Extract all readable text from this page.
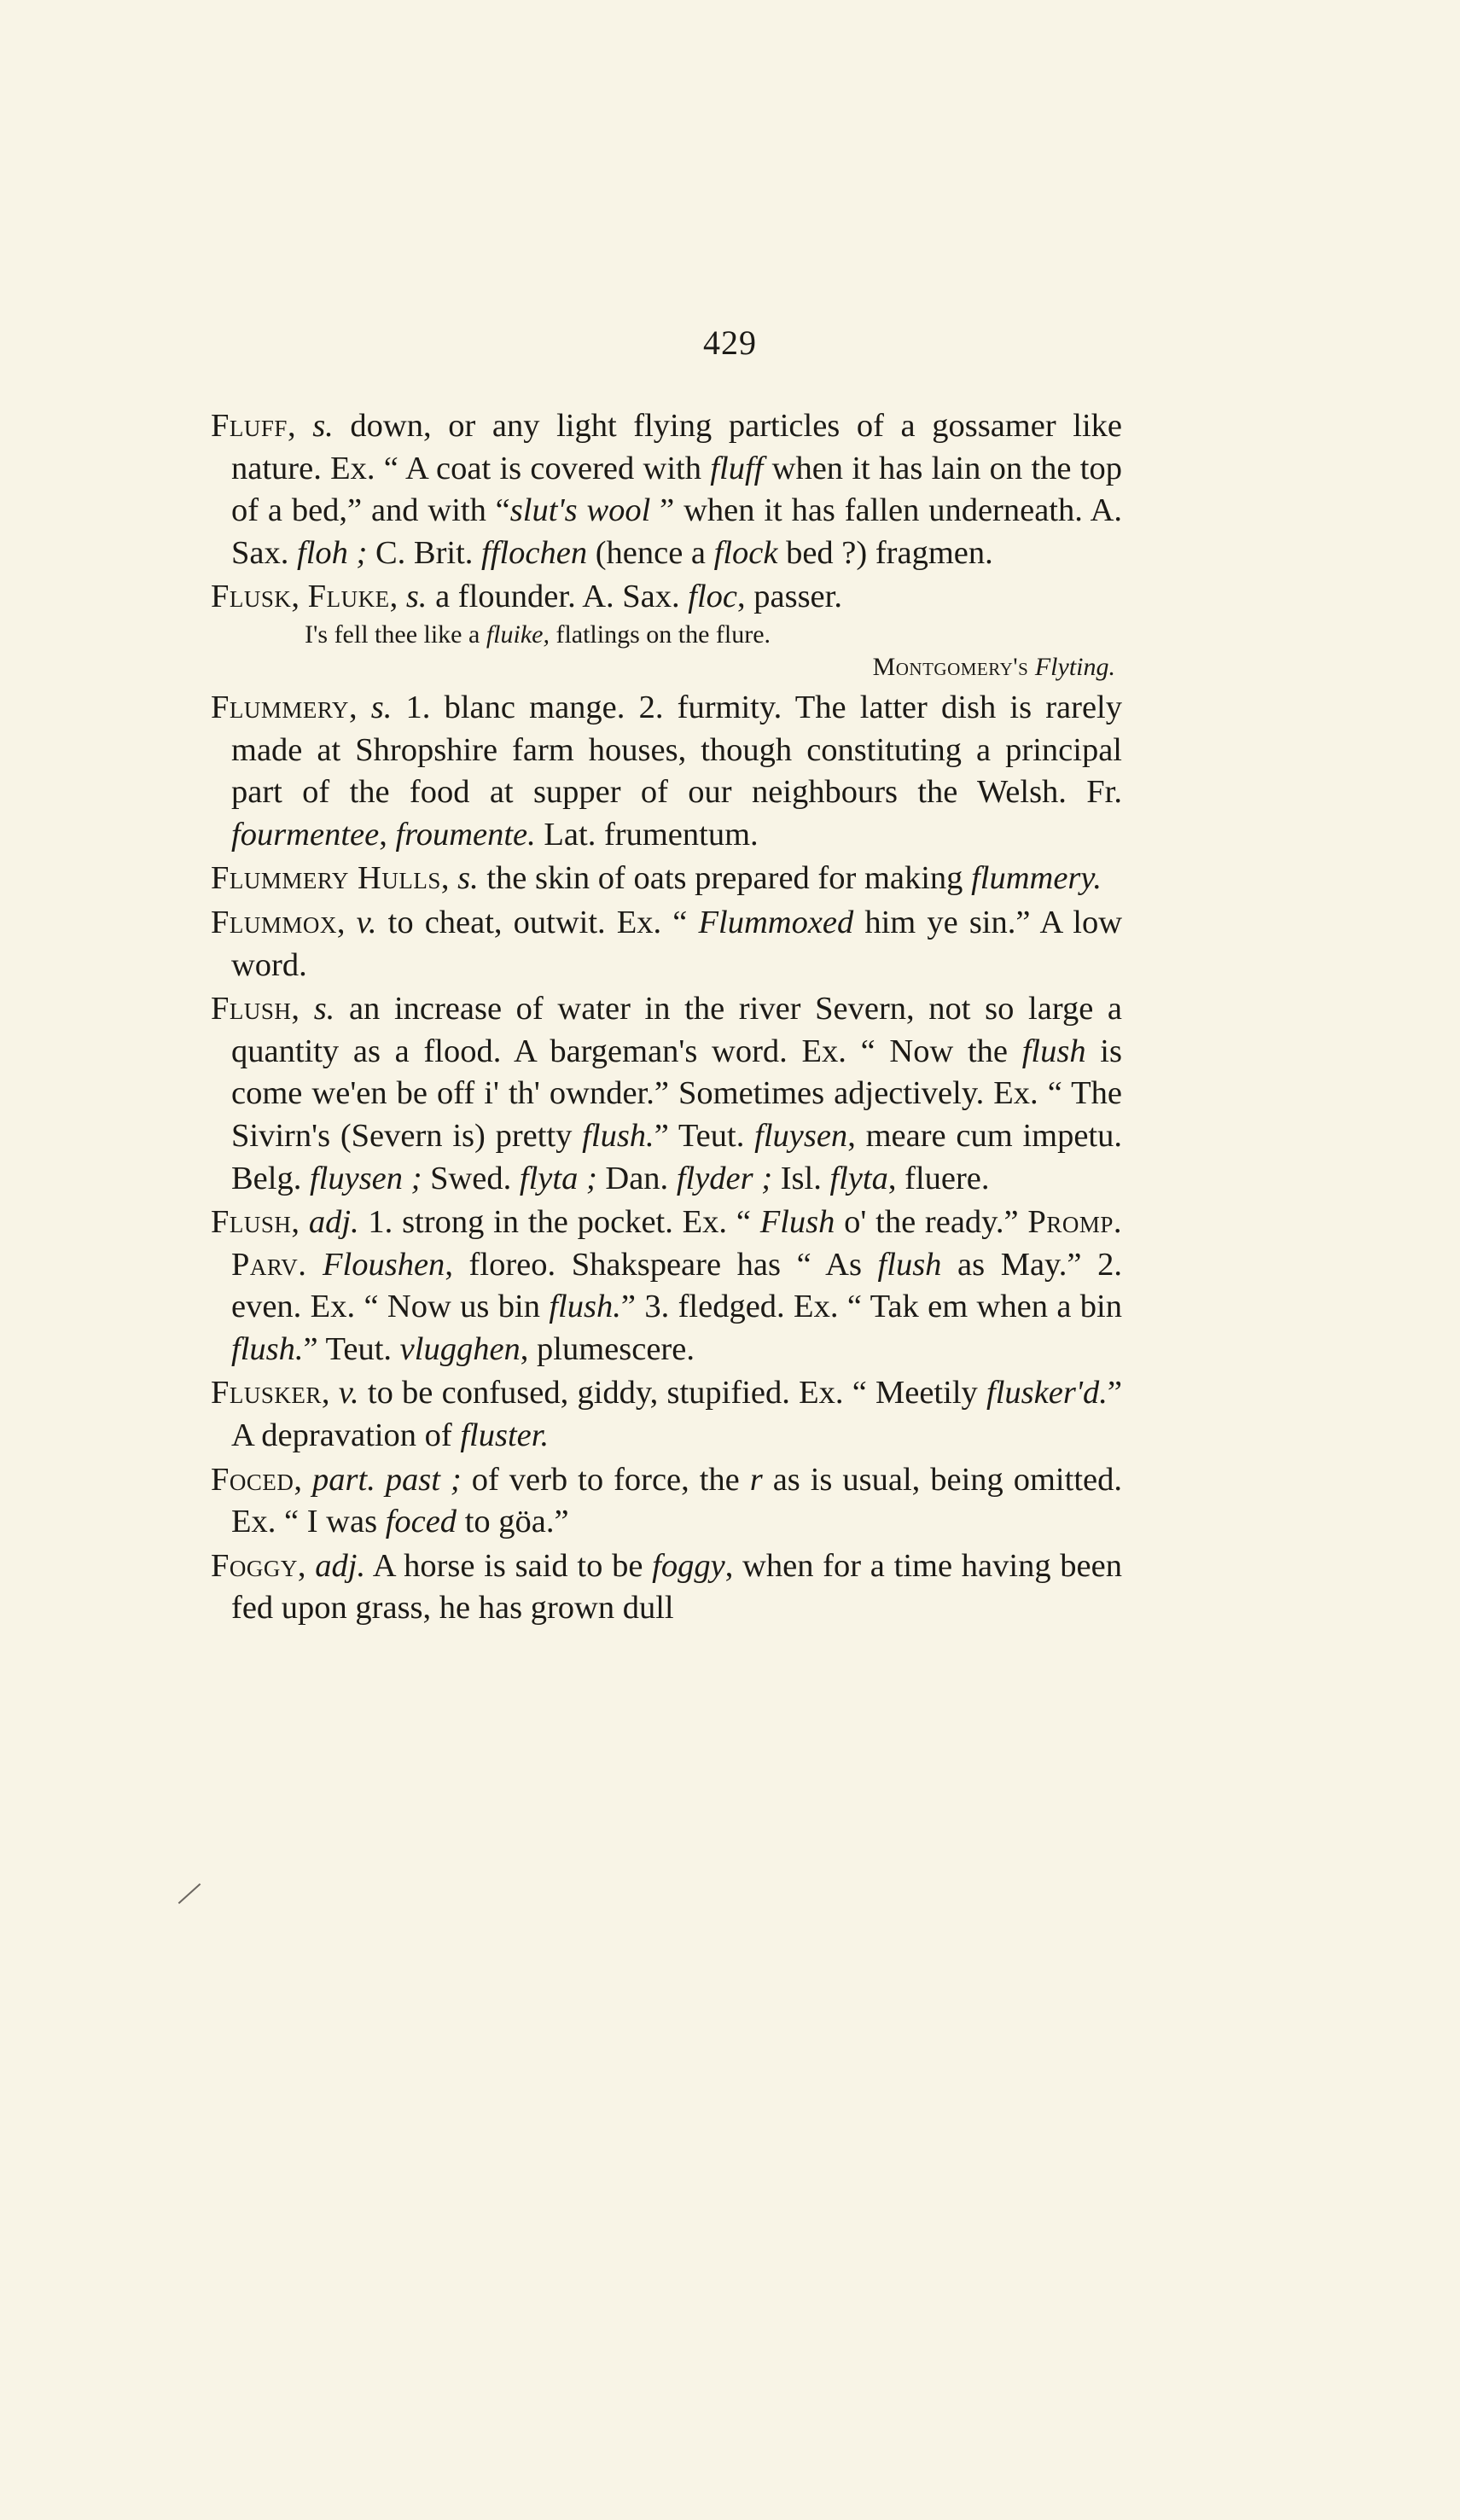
429

Fluff, s. down, or any light flying particles of a gossamer like nature. Ex. “ A coat is covered with fluff when it has lain on the top of a bed,” and with “slut's wool ” when it has fallen underneath. A. Sax. floh ; C. Brit. fflochen (hence a flock bed ?) fragmen.

Flusk, Fluke, s. a flounder. A. Sax. floc, passer.

I's fell thee like a fluike, flatlings on the flure.

Montgomery's Flyting.

Flummery, s. 1. blanc mange. 2. furmity. The latter dish is rarely made at Shropshire farm houses, though constituting a principal part of the food at supper of our neighbours the Welsh. Fr. fourmentee, froumente. Lat. frumentum.

Flummery Hulls, s. the skin of oats prepared for making flummery.

Flummox, v. to cheat, outwit. Ex. “ Flummoxed him ye sin.” A low word.

Flush, s. an increase of water in the river Severn, not so large a quantity as a flood. A bargeman's word. Ex. “ Now the flush is come we'en be off i' th' ownder.” Sometimes adjectively. Ex. “ The Sivirn's (Severn is) pretty flush.” Teut. fluysen, meare cum impetu. Belg. fluysen ; Swed. flyta ; Dan. flyder ; Isl. flyta, fluere.

Flush, adj. 1. strong in the pocket. Ex. “ Flush o' the ready.” Promp. Parv. Floushen, floreo. Shakspeare has “ As flush as May.” 2. even. Ex. “ Now us bin flush.” 3. fledged. Ex. “ Tak em when a bin flush.” Teut. vlugghen, plumescere.

Flusker, v. to be confused, giddy, stupified. Ex. “ Meetily flusker'd.” A depravation of fluster.

Foced, part. past ; of verb to force, the r as is usual, being omitted. Ex. “ I was foced to göa.”

Foggy, adj. A horse is said to be foggy, when for a time having been fed upon grass, he has grown dull
